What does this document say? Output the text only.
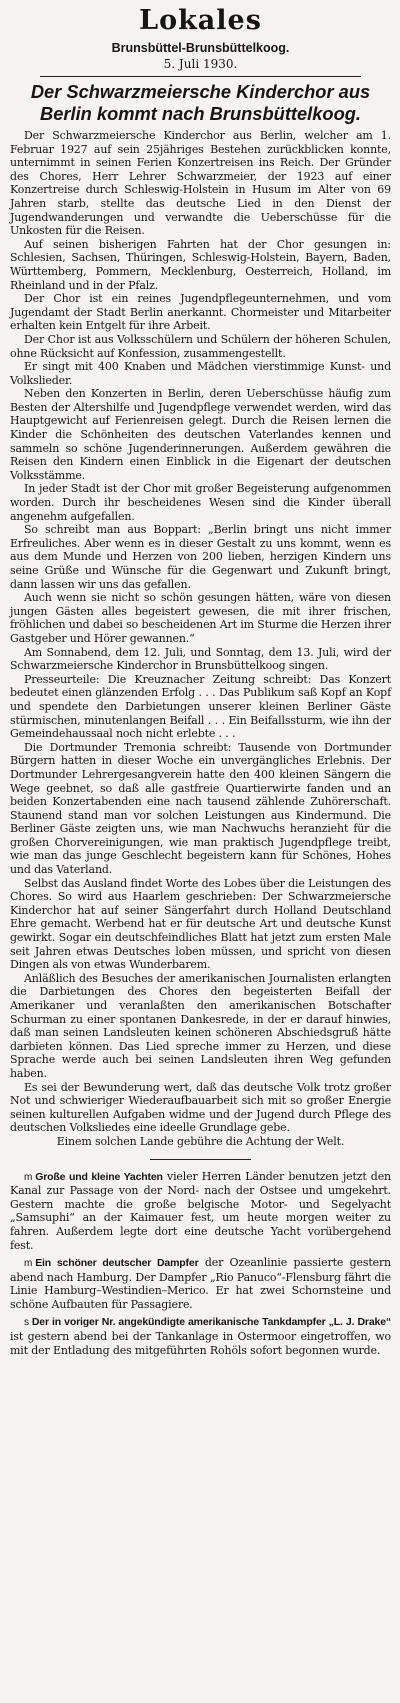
Lokales
Brunsbüttel-Brunsbüttelkoog.
5. Juli 1930.
Der Schwarzmeiersche Kinderchor aus Berlin kommt nach Brunsbüttelkoog.

Der Schwarzmeiersche Kinderchor aus Berlin, welcher am 1. Februar 1927 auf sein 25jähriges Bestehen zurückblicken konnte, unternimmt in seinen Ferien Konzertreisen ins Reich. Der Gründer des Chores, Herr Lehrer Schwarzmeier, der 1923 auf einer Konzertreise durch Schleswig-Holstein in Husum im Alter von 69 Jahren starb, stellte das deutsche Lied in den Dienst der Jugendwanderungen und verwandte die Ueberschüsse für die Unkosten für die Reisen.

Auf seinen bisherigen Fahrten hat der Chor gesungen in: Schlesien, Sachsen, Thüringen, Schleswig-Holstein, Bayern, Baden, Württemberg, Pommern, Mecklenburg, Oesterreich, Holland, im Rheinland und in der Pfalz.

Der Chor ist ein reines Jugendpflegeunternehmen, und vom Jugendamt der Stadt Berlin anerkannt. Chormeister und Mitarbeiter erhalten kein Entgelt für ihre Arbeit.

Der Chor ist aus Volksschülern und Schülern der höheren Schulen, ohne Rücksicht auf Konfession, zusammengestellt.

Er singt mit 400 Knaben und Mädchen vierstimmige Kunst- und Volkslieder.

Neben den Konzerten in Berlin, deren Ueberschüsse häufig zum Besten der Altershilfe und Jugendpflege verwendet werden, wird das Hauptgewicht auf Ferienreisen gelegt. Durch die Reisen lernen die Kinder die Schönheiten des deutschen Vaterlandes kennen und sammeln so schöne Jugenderinnerungen. Außerdem gewähren die Reisen den Kindern einen Einblick in die Eigenart der deutschen Volksstämme.

In jeder Stadt ist der Chor mit großer Begeisterung aufgenommen worden. Durch ihr bescheidenes Wesen sind die Kinder überall angenehm aufgefallen.

So schreibt man aus Boppart: „Berlin bringt uns nicht immer Erfreuliches. Aber wenn es in dieser Gestalt zu uns kommt, wenn es aus dem Munde und Herzen von 200 lieben, herzigen Kindern uns seine Grüße und Wünsche für die Gegenwart und Zukunft bringt, dann lassen wir uns das gefallen.

Auch wenn sie nicht so schön gesungen hätten, wäre von diesen jungen Gästen alles begeistert gewesen, die mit ihrer frischen, fröhlichen und dabei so bescheidenen Art im Sturme die Herzen ihrer Gastgeber und Hörer gewannen.“

Am Sonnabend, dem 12. Juli, und Sonntag, dem 13. Juli, wird der Schwarzmeiersche Kinderchor in Brunsbüttelkoog singen.

Presseurteile: Die Kreuznacher Zeitung schreibt: Das Konzert bedeutet einen glänzenden Erfolg . . . Das Publikum saß Kopf an Kopf und spendete den Darbietungen unserer kleinen Berliner Gäste stürmischen, minutenlangen Beifall . . . Ein Beifallssturm, wie ihn der Gemeindehaussaal noch nicht erlebte . . .

Die Dortmunder Tremonia schreibt: Tausende von Dortmunder Bürgern hatten in dieser Woche ein unvergängliches Erlebnis. Der Dortmunder Lehrergesangverein hatte den 400 kleinen Sängern die Wege geebnet, so daß alle gastfreie Quartierwirte fanden und an beiden Konzertabenden eine nach tausend zählende Zuhörerschaft. Staunend stand man vor solchen Leistungen aus Kindermund. Die Berliner Gäste zeigten uns, wie man Nachwuchs heranzieht für die großen Chorvereinigungen, wie man praktisch Jugendpflege treibt, wie man das junge Geschlecht begeistern kann für Schönes, Hohes und das Vaterland.

Selbst das Ausland findet Worte des Lobes über die Leistungen des Chores. So wird aus Haarlem geschrieben: Der Schwarzmeiersche Kinderchor hat auf seiner Sängerfahrt durch Holland Deutschland Ehre gemacht. Werbend hat er für deutsche Art und deutsche Kunst gewirkt. Sogar ein deutschfeindliches Blatt hat jetzt zum ersten Male seit Jahren etwas Deutsches loben müssen, und spricht von diesen Dingen als von etwas Wunderbarem.

Anläßlich des Besuches der amerikanischen Journalisten erlangten die Darbietungen des Chores den begeisterten Beifall der Amerikaner und veranlaßten den amerikanischen Botschafter Schurman zu einer spontanen Dankesrede, in der er darauf hinwies, daß man seinen Landsleuten keinen schöneren Abschiedsgruß hätte darbieten können. Das Lied spreche immer zu Herzen, und diese Sprache werde auch bei seinen Landsleuten ihren Weg gefunden haben.

Es sei der Bewunderung wert, daß das deutsche Volk trotz großer Not und schwieriger Wiederaufbauarbeit sich mit so großer Energie seinen kulturellen Aufgaben widme und der Jugend durch Pflege des deutschen Volksliedes eine ideelle Grundlage gebe.

Einem solchen Lande gebühre die Achtung der Welt.

m Große und kleine Yachten vieler Herren Länder benutzen jetzt den Kanal zur Passage von der Nord- nach der Ostsee und umgekehrt. Gestern machte die große belgische Motor- und Segelyacht „Samsuphi“ an der Kaimauer fest, um heute morgen weiter zu fahren. Außerdem legte dort eine deutsche Yacht vorübergehend fest.

m Ein schöner deutscher Dampfer der Ozeanlinie passierte gestern abend nach Hamburg. Der Dampfer „Rio Panuco“-Flensburg fährt die Linie Hamburg–Westindien–Merico. Er hat zwei Schornsteine und schöne Aufbauten für Passagiere.

s Der in voriger Nr. angekündigte amerikanische Tankdampfer „L. J. Drake“ ist gestern abend bei der Tankanlage in Ostermoor eingetroffen, wo mit der Entladung des mitgeführten Rohöls sofort begonnen wurde.
